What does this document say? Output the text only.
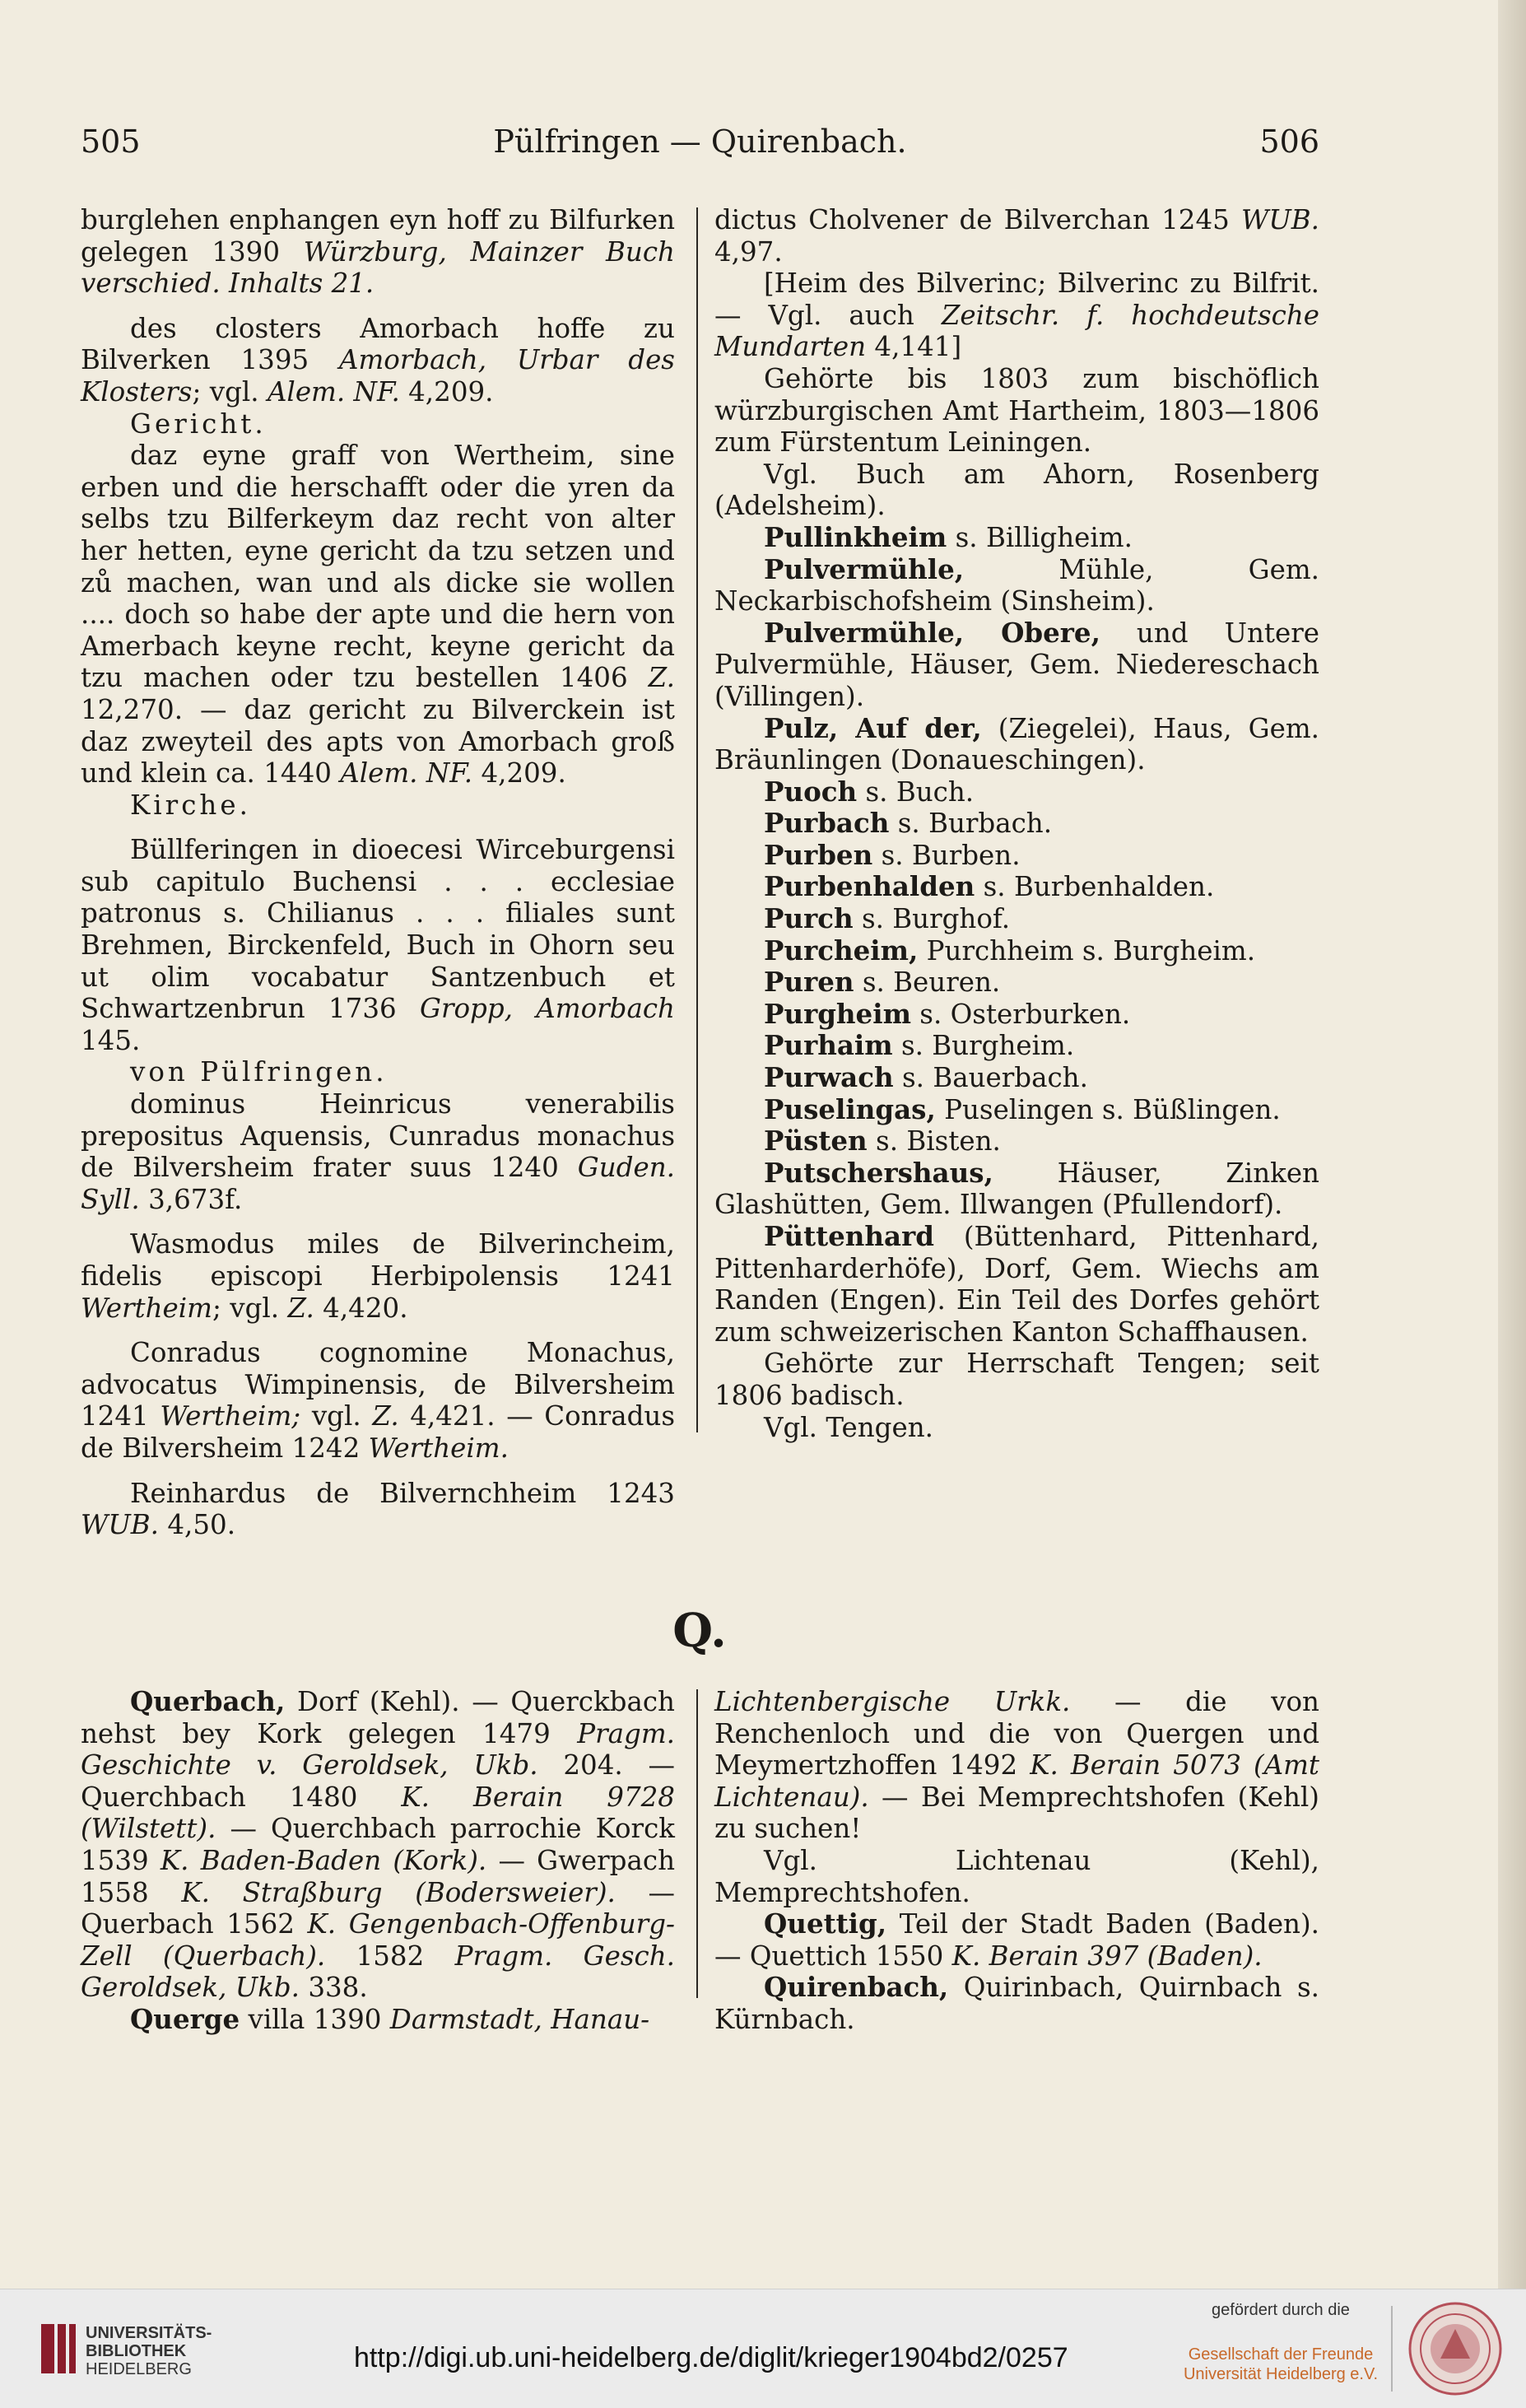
505	Pülfringen — Quirenbach.	506

burglehen enphangen eyn hoff zu Bilfurken gelegen 1390 Würzburg, Mainzer Buch verschied. Inhalts 21.

des closters Amorbach hoffe zu Bilverken 1395 Amorbach, Urbar des Klosters; vgl. Alem. NF. 4,209.

Gericht.

daz eyne graff von Wertheim, sine erben und die herschafft oder die yren da selbs tzu Bilferkeym daz recht von alter her hetten, eyne gericht da tzu setzen und zů machen, wan und als dicke sie wollen .... doch so habe der apte und die hern von Amerbach keyne recht, keyne gericht da tzu machen oder tzu bestellen 1406 Z. 12,270. — daz gericht zu Bilverckein ist daz zweyteil des apts von Amorbach groß und klein ca. 1440 Alem. NF. 4,209.

Kirche.

Büllferingen in dioecesi Wirceburgensi sub capitulo Buchensi . . . ecclesiae patronus s. Chilianus . . . filiales sunt Brehmen, Birckenfeld, Buch in Ohorn seu ut olim vocabatur Santzenbuch et Schwartzenbrun 1736 Gropp, Amorbach 145.

von Pülfringen.

dominus Heinricus venerabilis prepositus Aquensis, Cunradus monachus de Bilversheim frater suus 1240 Guden. Syll. 3,673f.

Wasmodus miles de Bilverincheim, fidelis episcopi Herbipolensis 1241 Wertheim; vgl. Z. 4,420.

Conradus cognomine Monachus, advocatus Wimpinensis, de Bilversheim 1241 Wertheim; vgl. Z. 4,421. — Conradus de Bilversheim 1242 Wertheim.

Reinhardus de Bilvernchheim 1243 WUB. 4,50.

dictus Cholvener de Bilverchan 1245 WUB. 4,97.

[Heim des Bilverinc; Bilverinc zu Bilfrit. — Vgl. auch Zeitschr. f. hochdeutsche Mundarten 4,141]

Gehörte bis 1803 zum bischöflich würzburgischen Amt Hartheim, 1803—1806 zum Fürstentum Leiningen.

Vgl. Buch am Ahorn, Rosenberg (Adelsheim).

Pullinkheim s. Billigheim.

Pulvermühle, Mühle, Gem. Neckarbischofsheim (Sinsheim).

Pulvermühle, Obere, und Untere Pulvermühle, Häuser, Gem. Niedereschach (Villingen).

Pulz, Auf der, (Ziegelei), Haus, Gem. Bräunlingen (Donaueschingen).

Puoch s. Buch.

Purbach s. Burbach.

Purben s. Burben.

Purbenhalden s. Burbenhalden.

Purch s. Burghof.

Purcheim, Purchheim s. Burgheim.

Puren s. Beuren.

Purgheim s. Osterburken.

Purhaim s. Burgheim.

Purwach s. Bauerbach.

Puselingas, Puselingen s. Büßlingen.

Püsten s. Bisten.

Putschershaus, Häuser, Zinken Glashütten, Gem. Illwangen (Pfullendorf).

Püttenhard (Büttenhard, Pittenhard, Pittenharderhöfe), Dorf, Gem. Wiechs am Randen (Engen). Ein Teil des Dorfes gehört zum schweizerischen Kanton Schaffhausen.

Gehörte zur Herrschaft Tengen; seit 1806 badisch.

Vgl. Tengen.

Q.

Querbach, Dorf (Kehl). — Querckbach nehst bey Kork gelegen 1479 Pragm. Geschichte v. Geroldsek, Ukb. 204. — Querchbach 1480 K. Berain 9728 (Wilstett). — Querchbach parrochie Korck 1539 K. Baden-Baden (Kork). — Gwerpach 1558 K. Straßburg (Bodersweier). — Querbach 1562 K. Gengenbach-Offenburg-Zell (Querbach). 1582 Pragm. Gesch. Geroldsek, Ukb. 338.

Querge villa 1390 Darmstadt, Hanau-

Lichtenbergische Urkk. — die von Renchenloch und die von Quergen und Meymertzhoffen 1492 K. Berain 5073 (Amt Lichtenau). — Bei Memprechtshofen (Kehl) zu suchen!

Vgl. Lichtenau (Kehl), Memprechtshofen.

Quettig, Teil der Stadt Baden (Baden). — Quettich 1550 K. Berain 397 (Baden).

Quirenbach, Quirinbach, Quirnbach s. Kürnbach.

UNIVERSITÄTS-
BIBLIOTHEK
HEIDELBERG	http://digi.ub.uni-heidelberg.de/diglit/krieger1904bd2/0257
gefördert durch die
Gesellschaft der Freunde
Universität Heidelberg e.V.
